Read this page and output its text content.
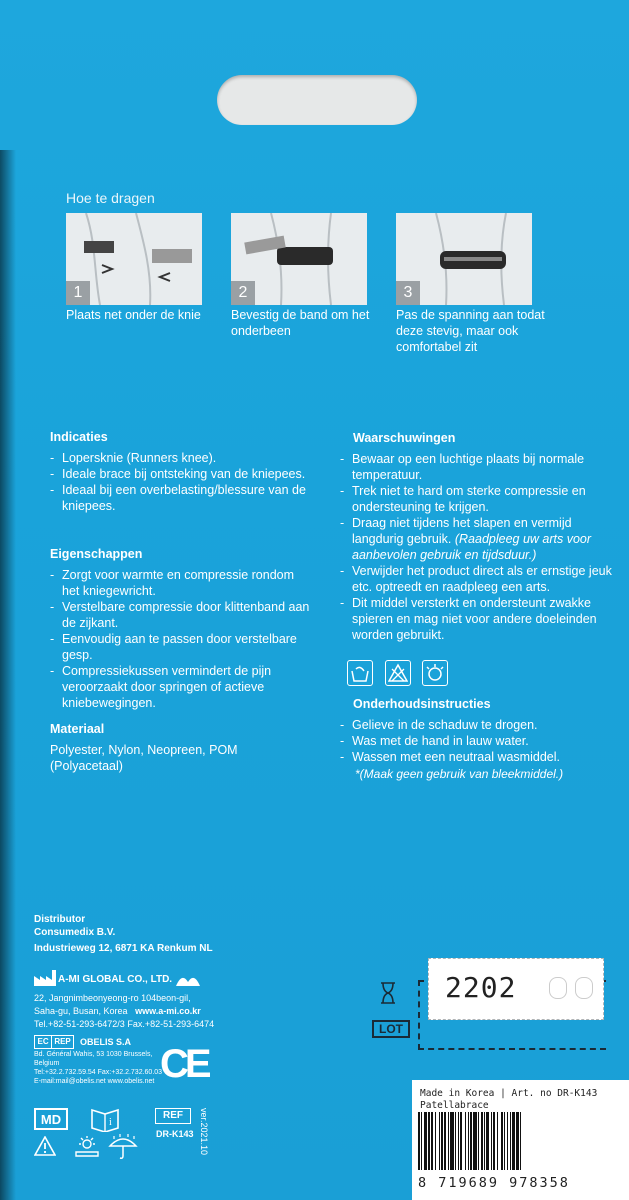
Hoe te dragen
1
Plaats net onder de knie
2
Bevestig de band om het onderbeen
3
Pas de spanning aan todat deze stevig, maar ook comfortabel zit
Indicaties
- Lopersknie (Runners knee).
- Ideale brace bij ontsteking van de kniepees.
- Ideaal bij een overbelasting/blessure van de kniepees.
Eigenschappen
- Zorgt voor warmte en compressie rondom het kniegewricht.
- Verstelbare compressie door klittenband aan de zijkant.
- Eenvoudig aan te passen door verstelbare gesp.
- Compressiekussen vermindert de pijn veroorzaakt door springen of actieve kniebewegingen.
Materiaal
Polyester, Nylon, Neopreen, POM
(Polyacetaal)
Waarschuwingen
- Bewaar op een luchtige plaats bij normale temperatuur.
- Trek niet te hard om sterke compressie en ondersteuning te krijgen.
- Draag niet tijdens het slapen en vermijd langdurig gebruik. (Raadpleeg uw arts voor aanbevolen gebruik en tijdsduur.)
- Verwijder het product direct als er ernstige jeuk etc. optreedt en raadpleeg een arts.
- Dit middel versterkt en ondersteunt zwakke spieren en mag niet voor andere doeleinden worden gebruikt.
Onderhoudsinstructies
- Gelieve in de schaduw te drogen.
- Was met de hand in lauw water.
- Wassen met een neutraal wasmiddel.
*(Maak geen gebruik van bleekmiddel.)
Distributor
Consumedix B.V.
Industrieweg 12, 6871 KA Renkum NL
A-MI GLOBAL CO., LTD.
22, Jangnimbeonyeong-ro 104beon-gil,
Saha-gu, Busan, Korea www.a-mi.co.kr
Tel.+82-51-293-6472/3 Fax.+82-51-293-6474
EC REP OBELIS S.A
Bd. Général Wahis, 53 1030 Brussels,
Belgium
Tel:+32.2.732.59.54 Fax:+32.2.732.60.03
E-mail:mail@obelis.net www.obelis.net CE
MD	i
REF
DR-K143 ver.2021.10
LOT
2202
Made in Korea | Art. no DR-K143
Patellabrace
8 719689 978358
